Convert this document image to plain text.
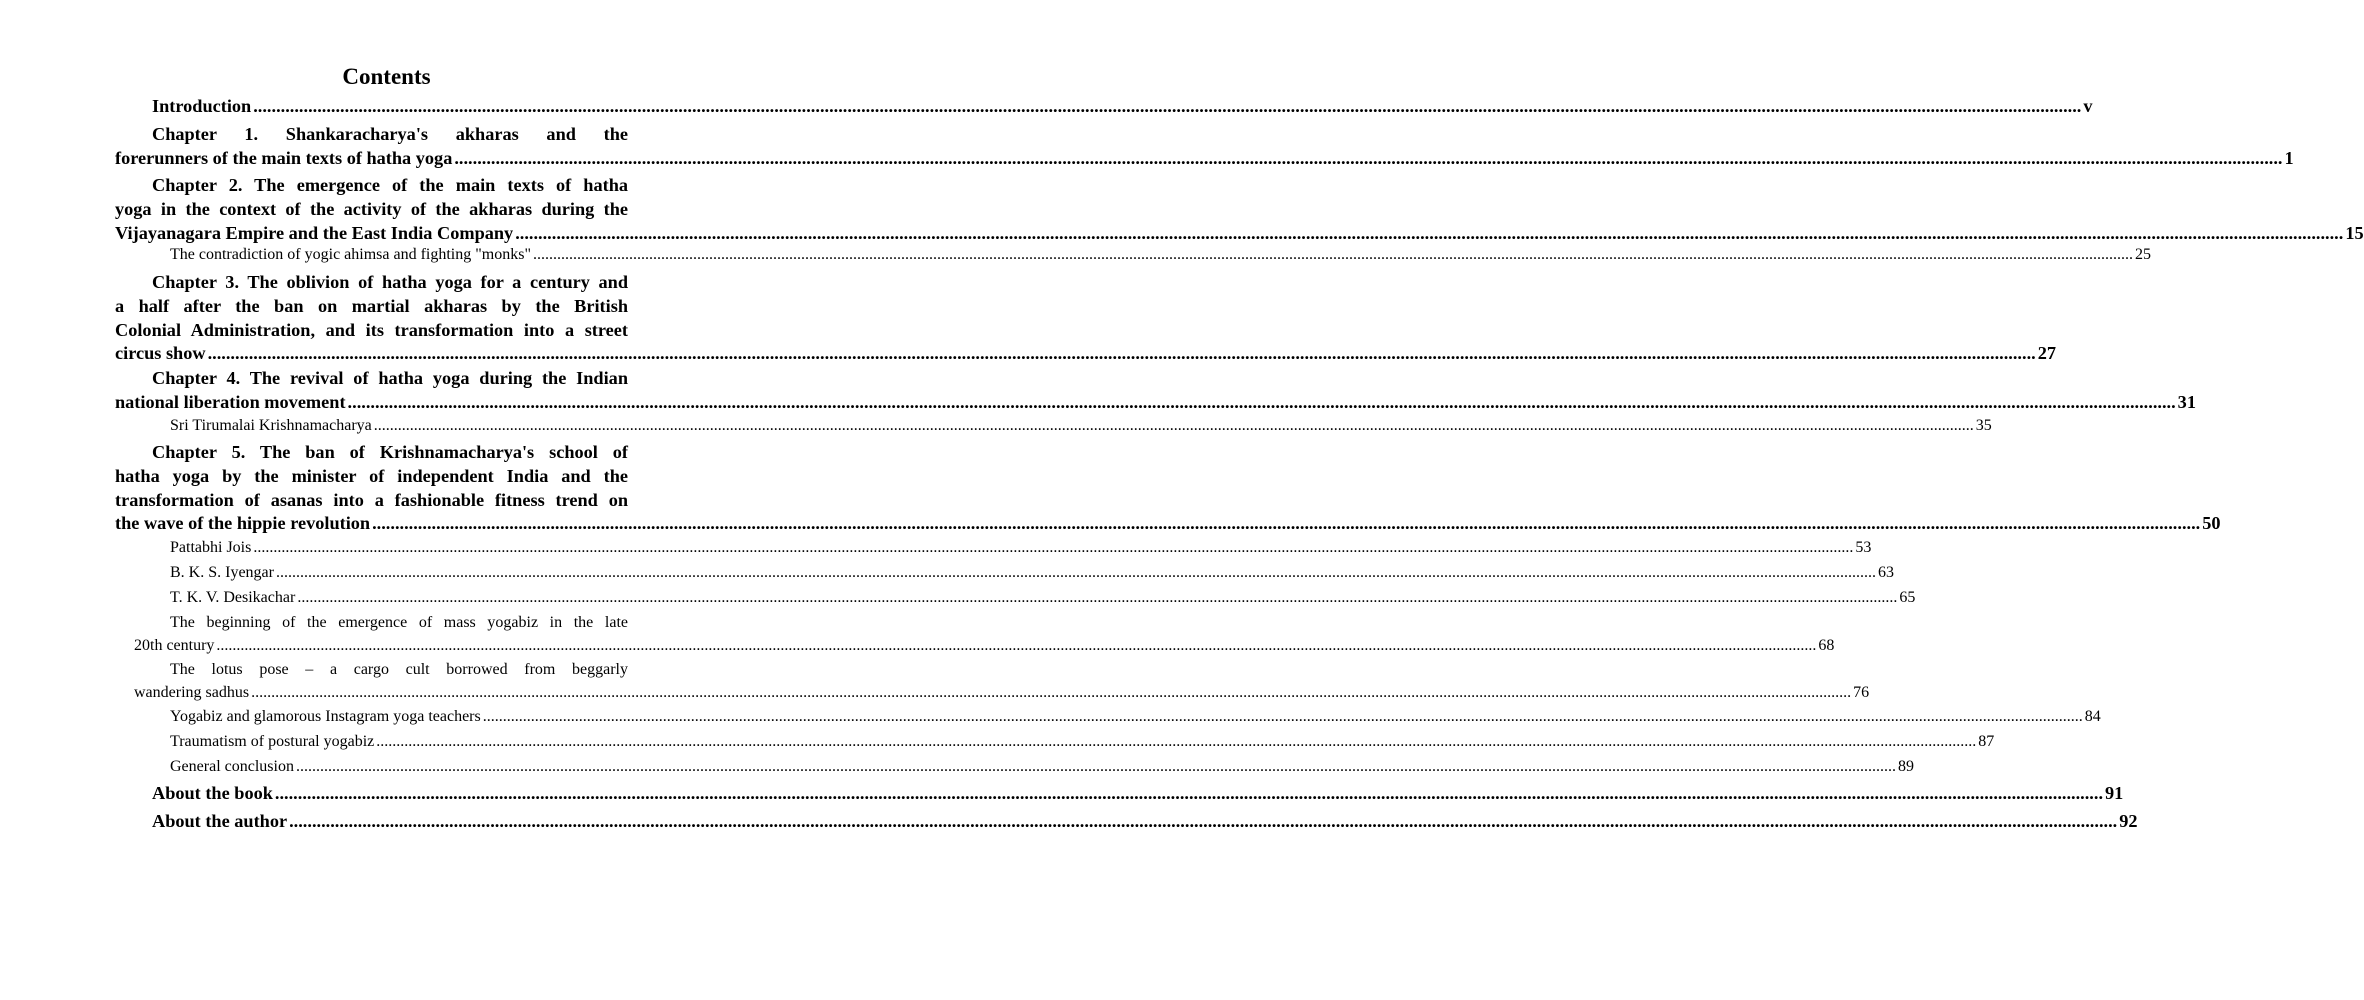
Contents
Introduction ................................................................................................................................................................................................................................................................................................................................................................................................................ v
Chapter 1. Shankaracharya's akharas and the
forerunners of the main texts of hatha yoga ................................................................................................................................................................................................................................................................................................................................................................................................................ 1
Chapter 2. The emergence of the main texts of hatha
yoga in the context of the activity of the akharas during the
Vijayanagara Empire and the East India Company ................................................................................................................................................................................................................................................................................................................................................................................................................ 15
The contradiction of yogic ahimsa and fighting "monks" ................................................................................................................................................................................................................................................................................................................................................................................................................ 25
Chapter 3. The oblivion of hatha yoga for a century and
a half after the ban on martial akharas by the British
Colonial Administration, and its transformation into a street
circus show ................................................................................................................................................................................................................................................................................................................................................................................................................ 27
Chapter 4. The revival of hatha yoga during the Indian
national liberation movement ................................................................................................................................................................................................................................................................................................................................................................................................................ 31
Sri Tirumalai Krishnamacharya ................................................................................................................................................................................................................................................................................................................................................................................................................ 35
Chapter 5. The ban of Krishnamacharya's school of
hatha yoga by the minister of independent India and the
transformation of asanas into a fashionable fitness trend on
the wave of the hippie revolution ................................................................................................................................................................................................................................................................................................................................................................................................................ 50
Pattabhi Jois ................................................................................................................................................................................................................................................................................................................................................................................................................ 53
B. K. S. Iyengar ................................................................................................................................................................................................................................................................................................................................................................................................................ 63
T. K. V. Desikachar ................................................................................................................................................................................................................................................................................................................................................................................................................ 65
The beginning of the emergence of mass yogabiz in the late
20th century ................................................................................................................................................................................................................................................................................................................................................................................................................ 68
The lotus pose – a cargo cult borrowed from beggarly
wandering sadhus ................................................................................................................................................................................................................................................................................................................................................................................................................ 76
Yogabiz and glamorous Instagram yoga teachers ................................................................................................................................................................................................................................................................................................................................................................................................................ 84
Traumatism of postural yogabiz ................................................................................................................................................................................................................................................................................................................................................................................................................ 87
General conclusion ................................................................................................................................................................................................................................................................................................................................................................................................................ 89
About the book ................................................................................................................................................................................................................................................................................................................................................................................................................ 91
About the author ................................................................................................................................................................................................................................................................................................................................................................................................................ 92
